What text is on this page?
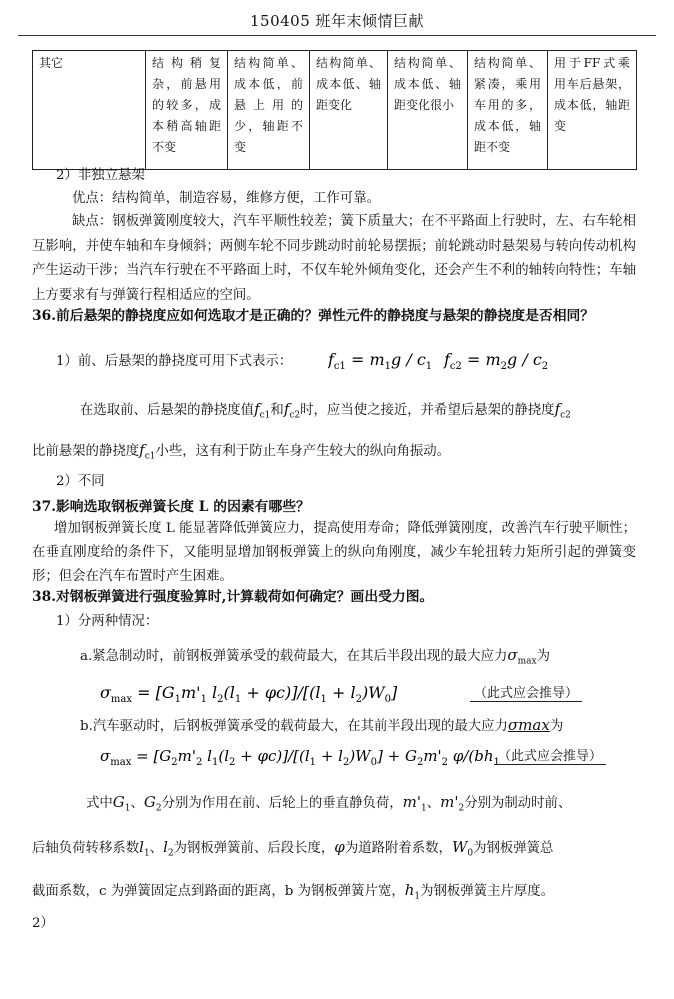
150405 班年末倾情巨献
其它	结构稍复杂，前悬用的较多，成本稍高轴距不变	结构简单、成本低，前悬上用的少，轴距不变	结构简单、成本低、轴距变化	结构简单、成本低、轴距变化很小	结构简单、紧凑，乘用车用的多，成本低，轴距不变	用于FF式乘用车后悬架，成本低，轴距变
2）非独立悬架
优点：结构简单，制造容易，维修方便，工作可靠。
缺点：钢板弹簧刚度较大，汽车平顺性较差；簧下质量大；在不平路面上行驶时，左、右车轮相互影响，并使车轴和车身倾斜；两侧车轮不同步跳动时前轮易摆振；前轮跳动时悬架易与转向传动机构产生运动干涉；当汽车行驶在不平路面上时，不仅车轮外倾角变化，还会产生不利的轴转向特性；车轴上方要求有与弹簧行程相适应的空间。
36.前后悬架的静挠度应如何选取才是正确的？弹性元件的静挠度与悬架的静挠度是否相同？
1）前、后悬架的静挠度可用下式表示： $f_{c1} = m_1g / c_1$ $f_{c2} = m_2g / c_2$
在选取前、后悬架的静挠度值$f_{c1}$和$f_{c2}$时，应当使之接近，并希望后悬架的静挠度$f_{c2}$
比前悬架的静挠度$f_{c1}$小些，这有利于防止车身产生较大的纵向角振动。
2）不同
37.影响选取钢板弹簧长度 L 的因素有哪些？
增加钢板弹簧长度 L 能显著降低弹簧应力，提高使用寿命；降低弹簧刚度，改善汽车行驶平顺性；在垂直刚度给的条件下，又能明显增加钢板弹簧上的纵向角刚度，减少车轮扭转力矩所引起的弹簧变形；但会在汽车布置时产生困难。
38.对钢板弹簧进行强度验算时,计算载荷如何确定？画出受力图。
1）分两种情况：
a.紧急制动时，前钢板弹簧承受的载荷最大，在其后半段出现的最大应力$\sigma_{max}$为
$\sigma_{max} = [G_1m'_1$ $l_2(l_1 + \varphi c)]/[(l_1 + l_2)W_0]$	（此式应会推导）
b.汽车驱动时，后钢板弹簧承受的载荷最大，在其前半段出现的最大应力σmax为
$\sigma_{max} = [G_2m'_2$ $l_1(l_2 + \varphi c)]/[(l_1 + l_2)W_0] + G_2m'_2$ $\varphi/(bh_1$
（此式应会推导）
式中$G_1$、$G_2$分别为作用在前、后轮上的垂直静负荷，$m'_1$、$m'_2$分别为制动时前、
后轴负荷转移系数$l_1$、$l_2$为钢板弹簧前、后段长度，φ为道路附着系数，$W_0$为钢板弹簧总
截面系数，c 为弹簧固定点到路面的距离，b 为钢板弹簧片宽，$h_1$为钢板弹簧主片厚度。
2）
